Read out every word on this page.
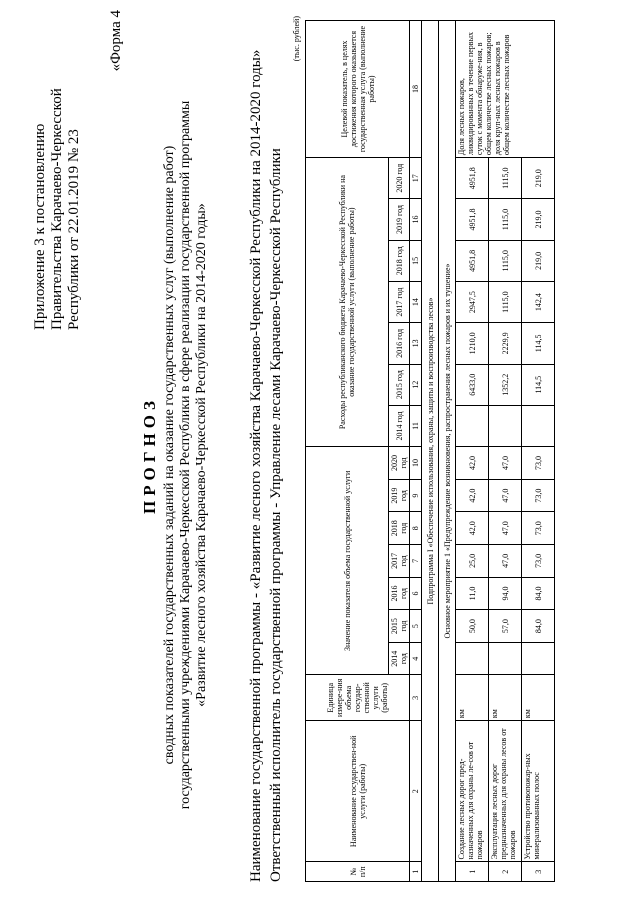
Приложение 3 к постановлению Правительства Карачаево-Черкесской Республики от 22.01.2019 № 23
«Форма 4
ПРОГНОЗ сводных показателей государственных заданий на оказание государственных услуг (выполнение работ) государственными учреждениями Карачаево-Черкесской Республики в сфере реализации государственной программы «Развитие лесного хозяйства Карачаево-Черкесской Республики на 2014-2020 годы»	Наименование государственной программы - «Развитие лесного хозяйства Карачаево-Черкесской Республики на 2014-2020 годы» Ответственный исполнитель государственной программы - Управление лесами Карачаево-Черкесской Республики
(тыс. рублей)
№ п/п	Наименование государствен-ной услуги (работы)	Единица измере-ния объема государ-ственной услуги (работы)	Значение показателя объема государственной услуги							Расходы республиканского бюджета Карачаево-Черкесской Республики на оказание государственной услуги (выполнение работы)							Целевой показатель, в целях достижения которого оказывается государственная услуга (выполнение работы)
			2014 год	2015 год	2016 год	2017 год	2018 год	2019 год	2020 год	2014 год	2015 год	2016 год	2017 год	2018 год	2019 год	2020 год	
1	2	3	4	5	6	7	8	9	10	11	12	13	14	15	16	17	18
Подпрограмма I «Обеспечение использования, охраны, защиты и воспроизводства лесов»																	
Основное мероприятие 1 «Предупреждение возникновения, распространения лесных пожаров и их тушение»																	
1	Создание лесных дорог пред-назначенных для охраны ле-сов от пожаров	км		50,0	11,0	25,0	42,0	42,0	42,0		6433,0	1210,0	2947,5	4951,8	4951,8	4951,8	Доля лесных пожаров, ликвидированных в течение первых суток с момента обнаруже-ния, в общем количестве лесных пожаров; доля круп-ных лесных пожаров в общем количестве лесных пожаров
2	Эксплуатация лесных дорог предназначенных для охраны лесов от пожаров	км		57,0	94,0	47,0	47,0	47,0	47,0		1352,2	2229,9	1115,0	1115,0	1115,0	1115,0	
3	Устройство противопожар-ных минерализованных полос	км		84,0	84,0	73,0	73,0	73,0	73,0		114,5	114,5	142,4	219,0	219,0	219,0	
